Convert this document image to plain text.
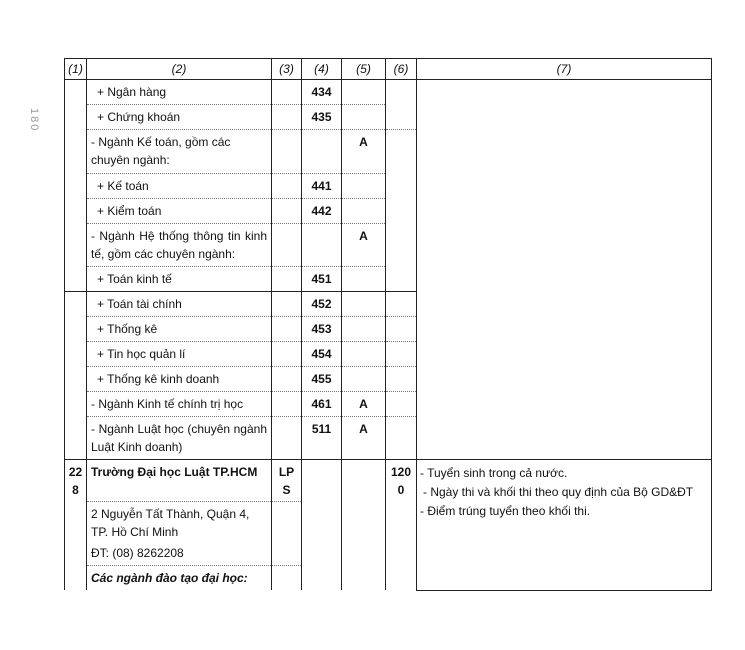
180
(1)	(2)	(3)	(4)	(5)	(6)	(7)

	+ Ngân hàng		434			

	+ Chứng khoán		435			

	- Ngành Kế toán, gồm các chuyên ngành:			A		

	+ Kế toán		441			

	+ Kiểm toán		442			

	- Ngành Hệ thống thông tin kinh tế, gồm các chuyên ngành:			A		

	+ Toán kinh tế		451			

	+ Toán tài chính		452			

	+ Thống kê		453			

	+ Tin học quản lí		454			

	+ Thống kê kinh doanh		455			

	- Ngành Kinh tế chính trị học		461	A		

	- Ngành Luật học (chuyên ngành Luật Kinh doanh)		511	A		

228	Trường Đại học Luật TP.HCM	LPS			1200	- Tuyển sinh trong cả nước.
- Ngày thi và khối thi theo quy định của Bộ GD&ĐT
- Điểm trúng tuyển theo khối thi.

	2 Nguyễn Tất Thành, Quận 4, TP. Hồ Chí Minh
ĐT: (08) 8262208					

	Các ngành đào tạo đại học:					
